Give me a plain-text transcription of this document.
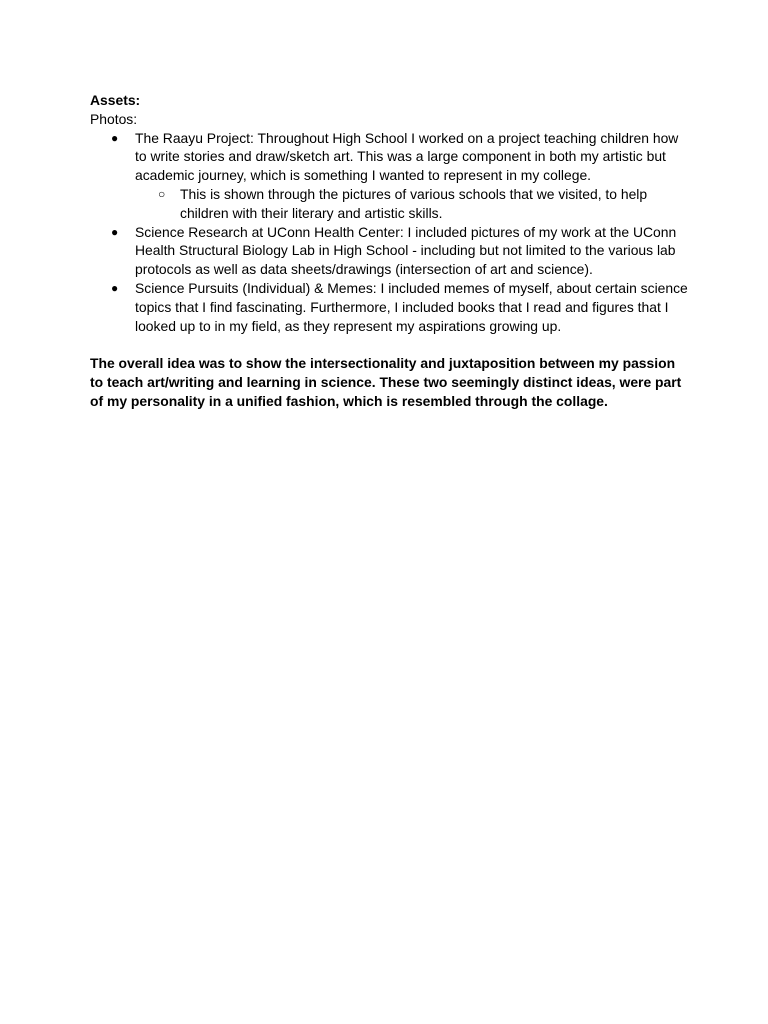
Assets:

Photos:

● The Raayu Project: Throughout High School I worked on a project teaching children how to write stories and draw/sketch art. This was a large component in both my artistic but academic journey, which is something I wanted to represent in my college.
○ This is shown through the pictures of various schools that we visited, to help children with their literary and artistic skills.
● Science Research at UConn Health Center: I included pictures of my work at the UConn Health Structural Biology Lab in High School - including but not limited to the various lab protocols as well as data sheets/drawings (intersection of art and science).
● Science Pursuits (Individual) & Memes: I included memes of myself, about certain science topics that I find fascinating. Furthermore, I included books that I read and figures that I looked up to in my field, as they represent my aspirations growing up.

The overall idea was to show the intersectionality and juxtaposition between my passion to teach art/writing and learning in science. These two seemingly distinct ideas, were part of my personality in a unified fashion, which is resembled through the collage.
